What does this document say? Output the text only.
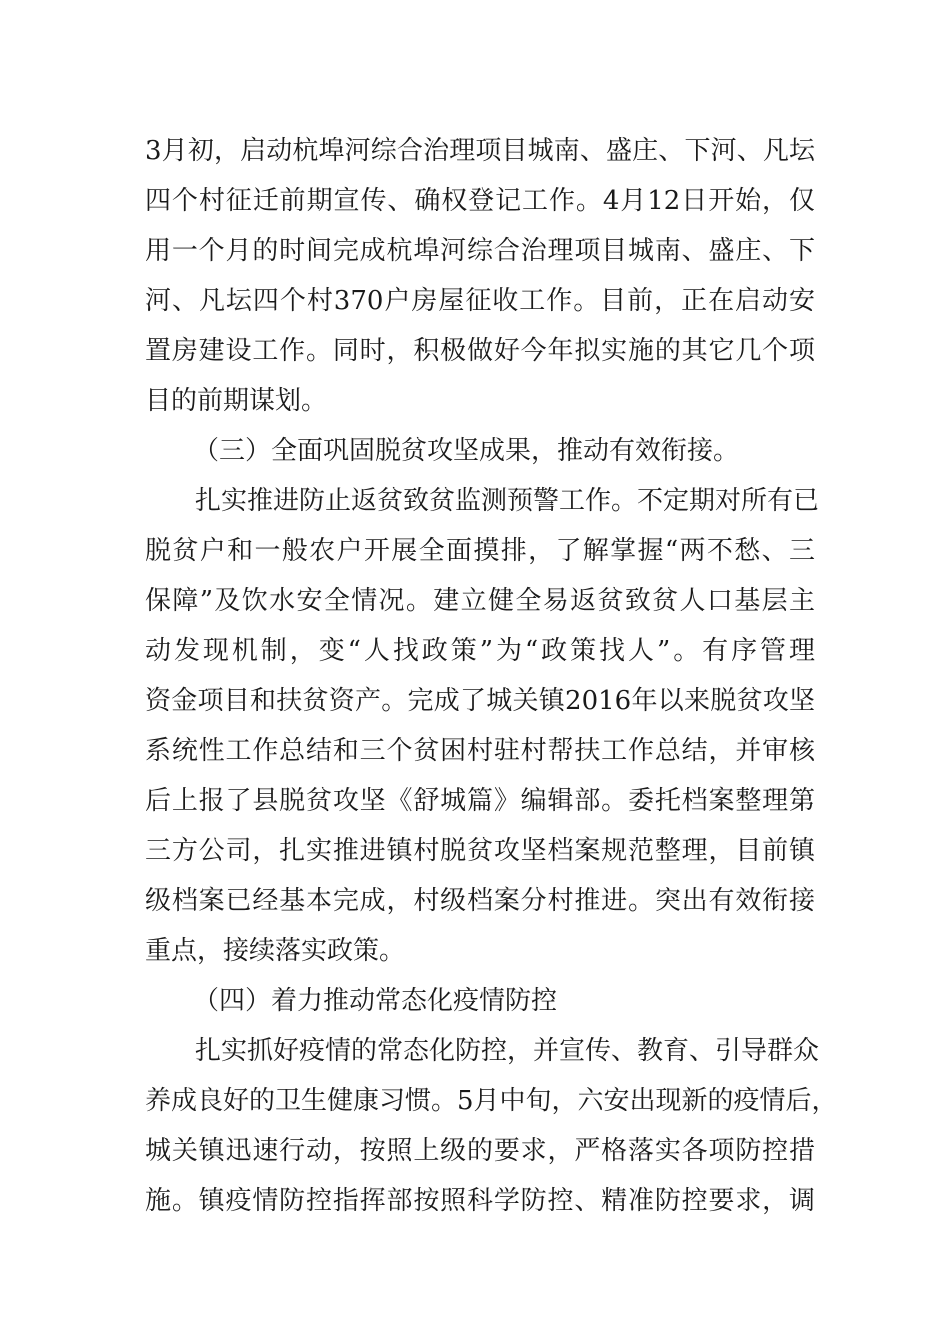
3月初，启动杭埠河综合治理项目城南、盛庄、下河、凡坛
四个村征迁前期宣传、确权登记工作。4月12日开始，仅
用一个月的时间完成杭埠河综合治理项目城南、盛庄、下
河、凡坛四个村370户房屋征收工作。目前，正在启动安
置房建设工作。同时，积极做好今年拟实施的其它几个项
目的前期谋划。
（三）全面巩固脱贫攻坚成果，推动有效衔接。
扎实推进防止返贫致贫监测预警工作。不定期对所有已
脱贫户和一般农户开展全面摸排，了解掌握“两不愁、三
保障”及饮水安全情况。建立健全易返贫致贫人口基层主
动发现机制，变“人找政策”为“政策找人”。有序管理
资金项目和扶贫资产。完成了城关镇2016年以来脱贫攻坚
系统性工作总结和三个贫困村驻村帮扶工作总结，并审核
后上报了县脱贫攻坚《舒城篇》编辑部。委托档案整理第
三方公司，扎实推进镇村脱贫攻坚档案规范整理，目前镇
级档案已经基本完成，村级档案分村推进。突出有效衔接
重点，接续落实政策。
（四）着力推动常态化疫情防控
扎实抓好疫情的常态化防控，并宣传、教育、引导群众
养成良好的卫生健康习惯。5月中旬，六安出现新的疫情后，
城关镇迅速行动，按照上级的要求，严格落实各项防控措
施。镇疫情防控指挥部按照科学防控、精准防控要求，调
